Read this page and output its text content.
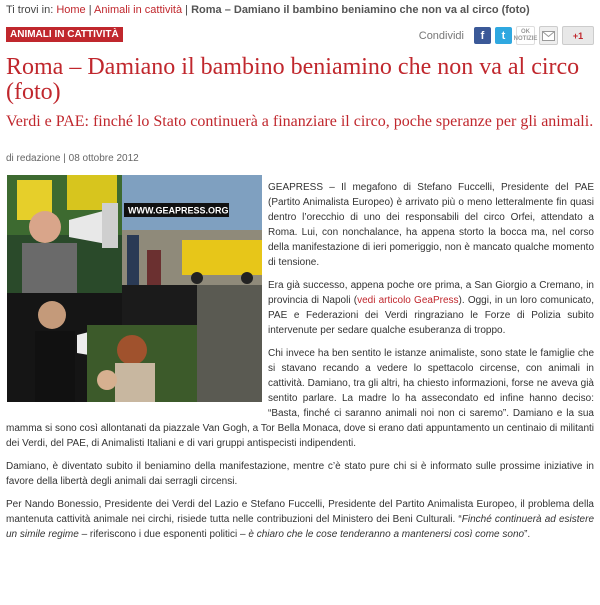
Ti trovi in: Home | Animali in cattività | Roma – Damiano il bambino beniamino che non va al circo (foto)
ANIMALI IN CATTIVITÀ	Condividi f t	OK NOTIZIE	+1
Roma – Damiano il bambino beniamino che non va al circo (foto)
Verdi e PAE: finché lo Stato continuerà a finanziare il circo, poche speranze per gli animali.
di redazione | 08 ottobre 2012
WWW.GEAPRESS.ORG

GEAPRESS – Il megafono di Stefano Fuccelli, Presidente del PAE (Partito Animalista Europeo) è arrivato più o meno letteralmente fin quasi dentro l’orecchio di uno dei responsabili del circo Orfei, attendato a Roma. Lui, con nonchalance, ha appena storto la bocca ma, nel corso della manifestazione di ieri pomeriggio, non è mancato qualche momento di tensione.

Era già successo, appena poche ore prima, a San Giorgio a Cremano, in provincia di Napoli (vedi articolo GeaPress). Oggi, in un loro comunicato, PAE e Federazioni dei Verdi ringraziano le Forze di Polizia subito intervenute per sedare qualche esuberanza di troppo.

Chi invece ha ben sentito le istanze animaliste, sono state le famiglie che si stavano recando a vedere lo spettacolo circense, con animali in cattività. Damiano, tra gli altri, ha chiesto informazioni, forse ne aveva già sentito parlare. La madre lo ha assecondato ed infine hanno deciso: “Basta, finché ci saranno animali noi non ci saremo”. Damiano e la sua mamma si sono così allontanati da piazzale Van Gogh, a Tor Bella Monaca, dove si erano dati appuntamento un centinaio di militanti dei Verdi, del PAE, di Animalisti Italiani e di vari gruppi antispecisti indipendenti.

Damiano, è diventato subito il beniamino della manifestazione, mentre c’è stato pure chi si è informato sulle prossime iniziative in favore della libertà degli animali dai serragli circensi.

Per Nando Bonessio, Presidente dei Verdi del Lazio e Stefano Fuccelli, Presidente del Partito Animalista Europeo, il problema della mantenuta cattività animale nei circhi, risiede tutta nelle contribuzioni del Ministero dei Beni Culturali. “Finché continuerà ad esistere un simile regime – riferiscono i due esponenti politici – è chiaro che le cose tenderanno a mantenersi così come sono”.
